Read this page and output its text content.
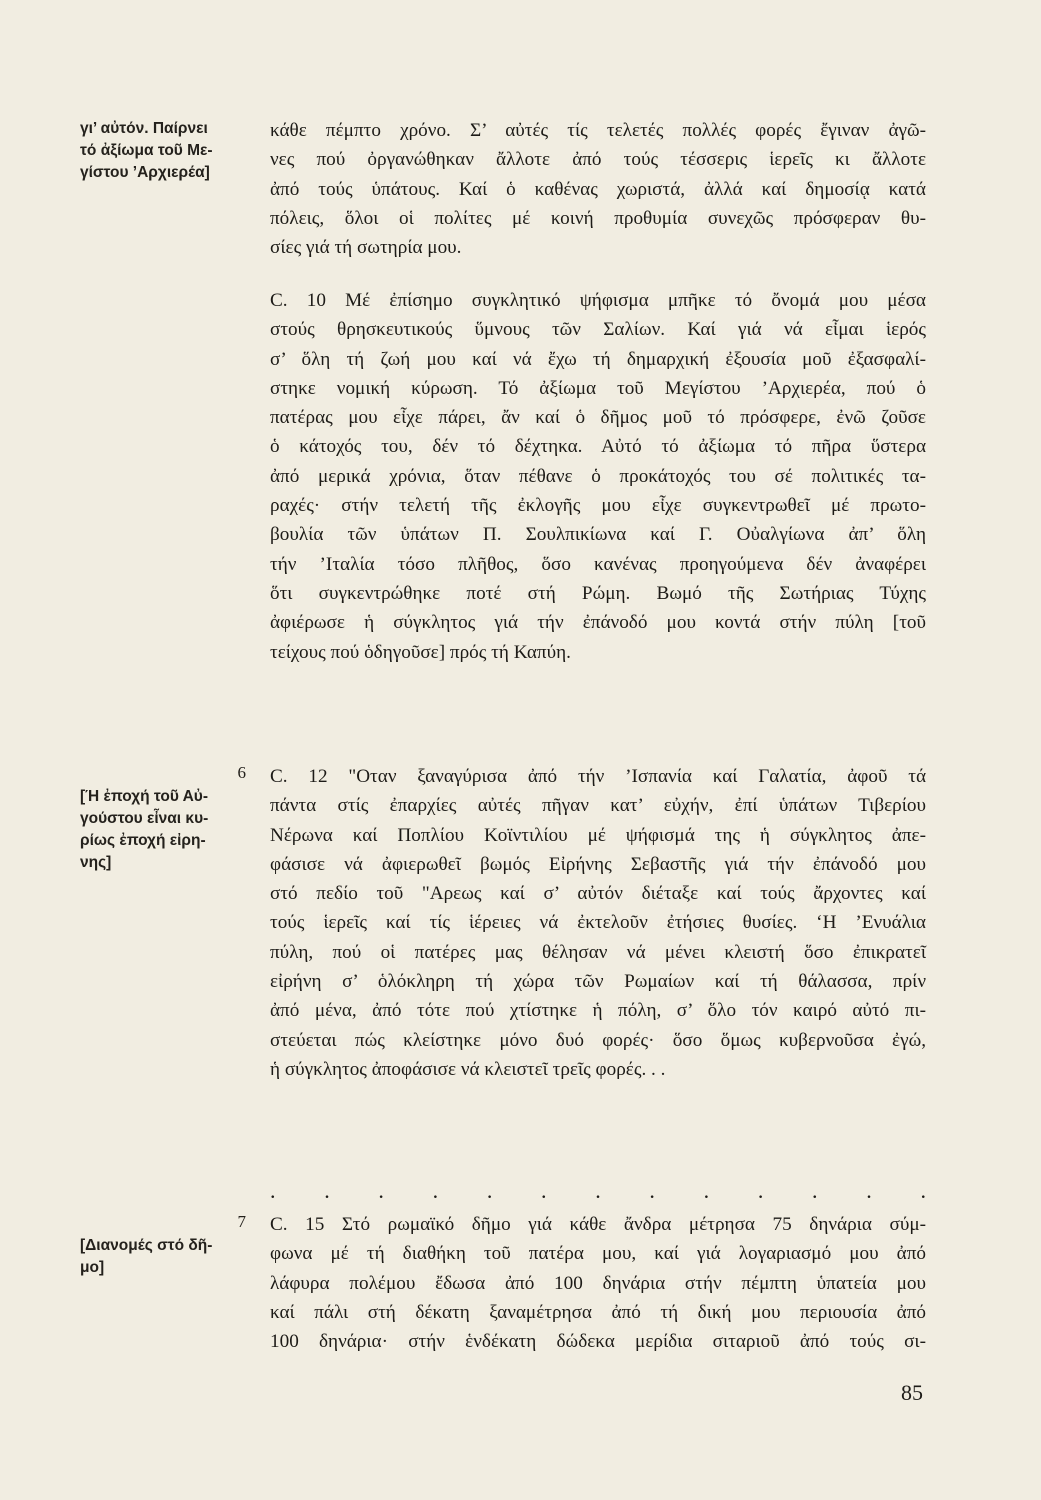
γι’ αὐτόν. Παίρνει
τό ἀξίωμα τοῦ Με-
γίστου ’Αρχιερέα]
6
[Ή ἐποχή τοῦ Αὐ-
γούστου εἶναι κυ-
ρίως ἐποχή εἰρη-
νης]
7
[Διανομές στό δῆ-
μο]
κάθε πέμπτο χρόνο. Σ’ αὐτές τίς τελετές πολλές φορές ἔγιναν ἀγῶ-
νες πού ὀργανώθηκαν ἄλλοτε ἀπό τούς τέσσερις ἱερεῖς κι ἄλλοτε
ἀπό τούς ὑπάτους. Καί ὁ καθένας χωριστά, ἀλλά καί δημοσίᾳ κατά
πόλεις, ὅλοι οἱ πολίτες μέ κοινή προθυμία συνεχῶς πρόσφεραν θυ-
σίες γιά τή σωτηρία μου.
C. 10 Μέ ἐπίσημο συγκλητικό ψήφισμα μπῆκε τό ὄνομά μου μέσα
στούς θρησκευτικούς ὕμνους τῶν Σαλίων. Καί γιά νά εἶμαι ἱερός
σ’ ὅλη τή ζωή μου καί νά ἔχω τή δημαρχική ἐξουσία μοῦ ἐξασφαλί-
στηκε νομική κύρωση. Τό ἀξίωμα τοῦ Μεγίστου ’Αρχιερέα, πού ὁ
πατέρας μου εἶχε πάρει, ἄν καί ὁ δῆμος μοῦ τό πρόσφερε, ἐνῶ ζοῦσε
ὁ κάτοχός του, δέν τό δέχτηκα. Αὐτό τό ἀξίωμα τό πῆρα ὕστερα
ἀπό μερικά χρόνια, ὅταν πέθανε ὁ προκάτοχός του σέ πολιτικές τα-
ραχές· στήν τελετή τῆς ἐκλογῆς μου εἶχε συγκεντρωθεῖ μέ πρωτο-
βουλία τῶν ὑπάτων Π. Σουλπικίωνα καί Γ. Οὐαλγίωνα ἀπ’ ὅλη
τήν ’Ιταλία τόσο πλῆθος, ὅσο κανένας προηγούμενα δέν ἀναφέρει
ὅτι συγκεντρώθηκε ποτέ στή Ρώμη. Βωμό τῆς Σωτήριας Τύχης
ἀφιέρωσε ἡ σύγκλητος γιά τήν ἐπάνοδό μου κοντά στήν πύλη [τοῦ
τείχους πού ὁδηγοῦσε] πρός τή Καπύη.
C. 12 "Οταν ξαναγύρισα ἀπό τήν ’Ισπανία καί Γαλατία, ἀφοῦ τά
πάντα στίς ἐπαρχίες αὐτές πῆγαν κατ’ εὐχήν, ἐπί ὑπάτων Τιβερίου
Νέρωνα καί Ποπλίου Κοϊντιλίου μέ ψήφισμά της ἡ σύγκλητος ἀπε-
φάσισε νά ἀφιερωθεῖ βωμός Εἰρήνης Σεβαστῆς γιά τήν ἐπάνοδό μου
στό πεδίο τοῦ "Αρεως καί σ’ αὐτόν διέταξε καί τούς ἄρχοντες καί
τούς ἱερεῖς καί τίς ἱέρειες νά ἐκτελοῦν ἐτήσιες θυσίες. ‘Η ’Ενυάλια
πύλη, πού οἱ πατέρες μας θέλησαν νά μένει κλειστή ὅσο ἐπικρατεῖ
εἰρήνη σ’ ὁλόκληρη τή χώρα τῶν Ρωμαίων καί τή θάλασσα, πρίν
ἀπό μένα, ἀπό τότε πού χτίστηκε ἡ πόλη, σ’ ὅλο τόν καιρό αὐτό πι-
στεύεται πώς κλείστηκε μόνο δυό φορές· ὅσο ὅμως κυβερνοῦσα ἐγώ,
ἡ σύγκλητος ἀποφάσισε νά κλειστεῖ τρεῖς φορές. . .
. . . . . . . . . . . . .
C. 15 Στό ρωμαϊκό δῆμο γιά κάθε ἄνδρα μέτρησα 75 δηνάρια σύμ-
φωνα μέ τή διαθήκη τοῦ πατέρα μου, καί γιά λογαριασμό μου ἀπό
λάφυρα πολέμου ἔδωσα ἀπό 100 δηνάρια στήν πέμπτη ὑπατεία μου
καί πάλι στή δέκατη ξαναμέτρησα ἀπό τή δική μου περιουσία ἀπό
100 δηνάρια· στήν ἑνδέκατη δώδεκα μερίδια σιταριοῦ ἀπό τούς σι-
85
